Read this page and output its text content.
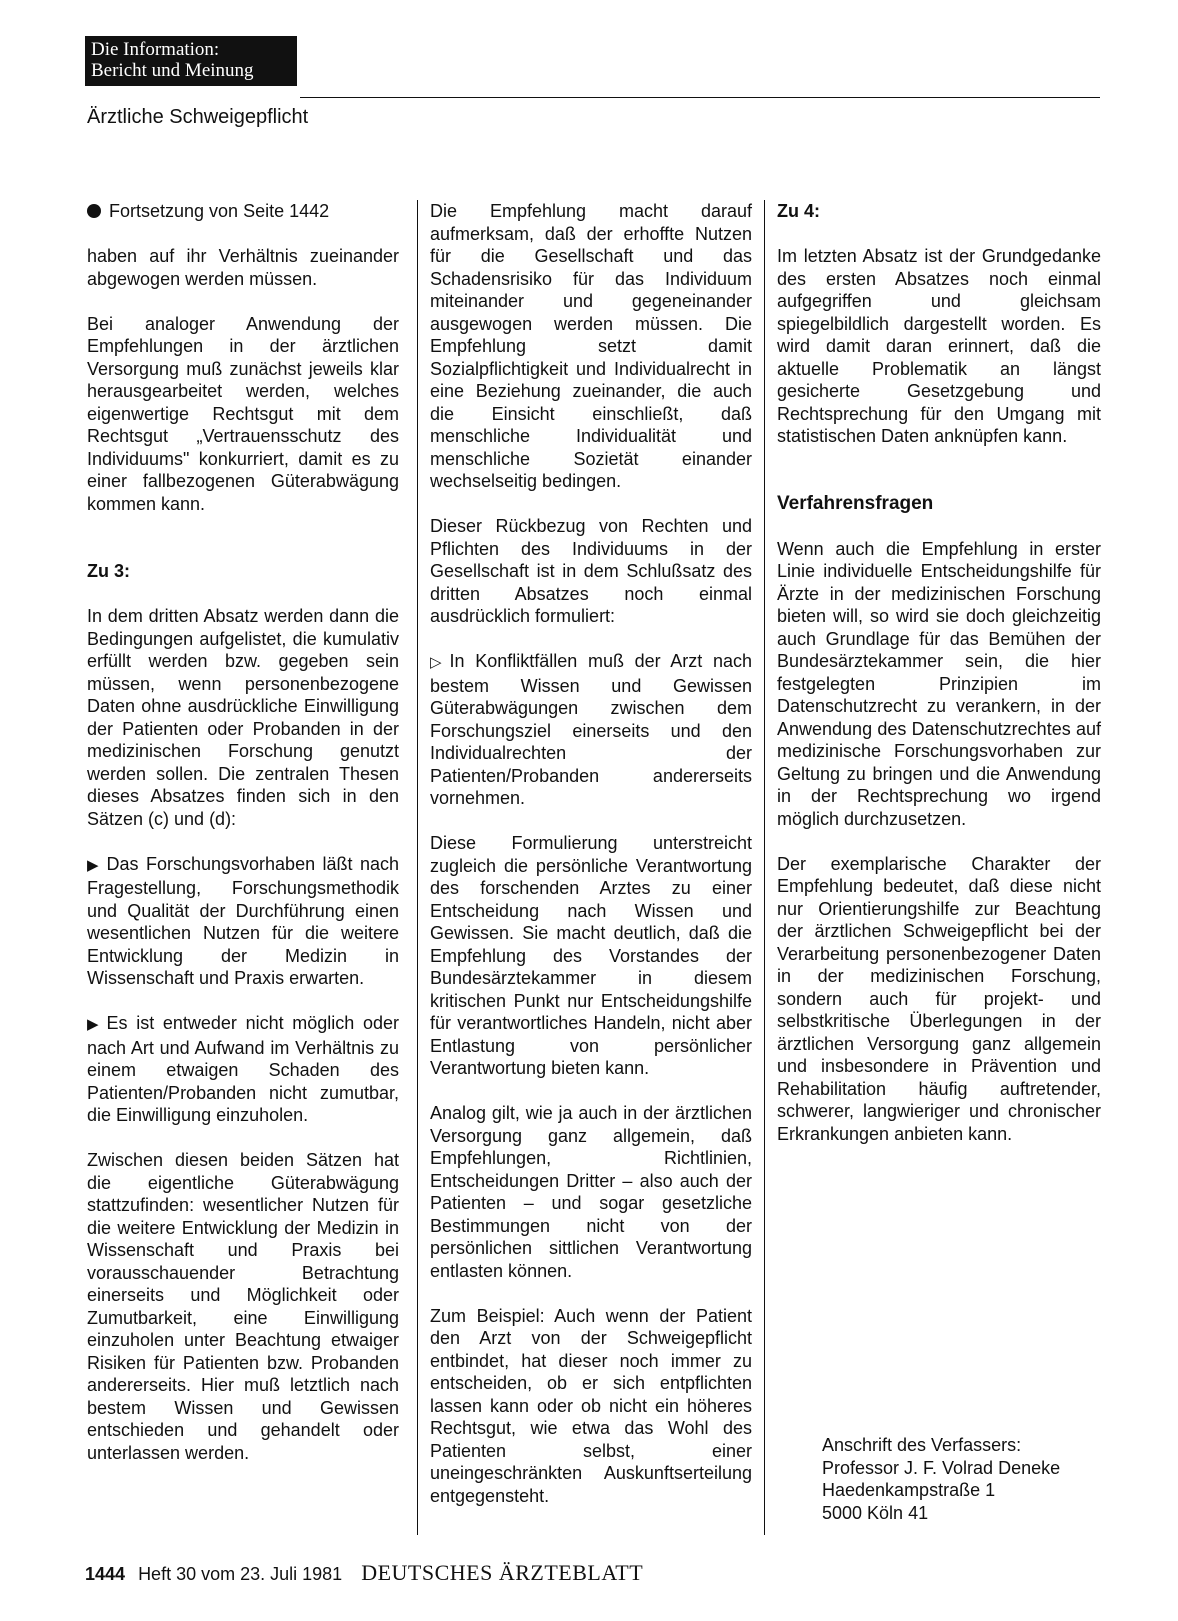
Die Information:
Bericht und Meinung
Ärztliche Schweigepflicht

Fortsetzung von Seite 1442

haben auf ihr Verhältnis zueinander abgewogen werden müssen.

Bei analoger Anwendung der Empfehlungen in der ärztlichen Versorgung muß zunächst jeweils klar herausgearbeitet werden, welches eigenwertige Rechtsgut mit dem Rechtsgut „Vertrauensschutz des Individuums" konkurriert, damit es zu einer fallbezogenen Güterabwägung kommen kann.

Zu 3:

In dem dritten Absatz werden dann die Bedingungen aufgelistet, die kumulativ erfüllt werden bzw. gegeben sein müssen, wenn personenbezogene Daten ohne ausdrückliche Einwilligung der Patienten oder Probanden in der medizinischen Forschung genutzt werden sollen. Die zentralen Thesen dieses Absatzes finden sich in den Sätzen (c) und (d):

▶ Das Forschungsvorhaben läßt nach Fragestellung, Forschungsmethodik und Qualität der Durchführung einen wesentlichen Nutzen für die weitere Entwicklung der Medizin in Wissenschaft und Praxis erwarten.

▶ Es ist entweder nicht möglich oder nach Art und Aufwand im Verhältnis zu einem etwaigen Schaden des Patienten/Probanden nicht zumutbar, die Einwilligung einzuholen.

Zwischen diesen beiden Sätzen hat die eigentliche Güterabwägung stattzufinden: wesentlicher Nutzen für die weitere Entwicklung der Medizin in Wissenschaft und Praxis bei vorausschauender Betrachtung einerseits und Möglichkeit oder Zumutbarkeit, eine Einwilligung einzuholen unter Beachtung etwaiger Risiken für Patienten bzw. Probanden andererseits. Hier muß letztlich nach bestem Wissen und Gewissen entschieden und gehandelt oder unterlassen werden.

Die Empfehlung macht darauf aufmerksam, daß der erhoffte Nutzen für die Gesellschaft und das Schadensrisiko für das Individuum miteinander und gegeneinander ausgewogen werden müssen. Die Empfehlung setzt damit Sozialpflichtigkeit und Individualrecht in eine Beziehung zueinander, die auch die Einsicht einschließt, daß menschliche Individualität und menschliche Sozietät einander wechselseitig bedingen.

Dieser Rückbezug von Rechten und Pflichten des Individuums in der Gesellschaft ist in dem Schlußsatz des dritten Absatzes noch einmal ausdrücklich formuliert:

▷ In Konfliktfällen muß der Arzt nach bestem Wissen und Gewissen Güterabwägungen zwischen dem Forschungsziel einerseits und den Individualrechten der Patienten/Probanden andererseits vornehmen.

Diese Formulierung unterstreicht zugleich die persönliche Verantwortung des forschenden Arztes zu einer Entscheidung nach Wissen und Gewissen. Sie macht deutlich, daß die Empfehlung des Vorstandes der Bundesärztekammer in diesem kritischen Punkt nur Entscheidungshilfe für verantwortliches Handeln, nicht aber Entlastung von persönlicher Verantwortung bieten kann.

Analog gilt, wie ja auch in der ärztlichen Versorgung ganz allgemein, daß Empfehlungen, Richtlinien, Entscheidungen Dritter – also auch der Patienten – und sogar gesetzliche Bestimmungen nicht von der persönlichen sittlichen Verantwortung entlasten können.

Zum Beispiel: Auch wenn der Patient den Arzt von der Schweigepflicht entbindet, hat dieser noch immer zu entscheiden, ob er sich entpflichten lassen kann oder ob nicht ein höheres Rechtsgut, wie etwa das Wohl des Patienten selbst, einer uneingeschränkten Auskunftserteilung entgegensteht.

Zu 4:

Im letzten Absatz ist der Grundgedanke des ersten Absatzes noch einmal aufgegriffen und gleichsam spiegelbildlich dargestellt worden. Es wird damit daran erinnert, daß die aktuelle Problematik an längst gesicherte Gesetzgebung und Rechtsprechung für den Umgang mit statistischen Daten anknüpfen kann.

Verfahrensfragen

Wenn auch die Empfehlung in erster Linie individuelle Entscheidungshilfe für Ärzte in der medizinischen Forschung bieten will, so wird sie doch gleichzeitig auch Grundlage für das Bemühen der Bundesärztekammer sein, die hier festgelegten Prinzipien im Datenschutzrecht zu verankern, in der Anwendung des Datenschutzrechtes auf medizinische Forschungsvorhaben zur Geltung zu bringen und die Anwendung in der Rechtsprechung wo irgend möglich durchzusetzen.

Der exemplarische Charakter der Empfehlung bedeutet, daß diese nicht nur Orientierungshilfe zur Beachtung der ärztlichen Schweigepflicht bei der Verarbeitung personenbezogener Daten in der medizinischen Forschung, sondern auch für projekt- und selbstkritische Überlegungen in der ärztlichen Versorgung ganz allgemein und insbesondere in Prävention und Rehabilitation häufig auftretender, schwerer, langwieriger und chronischer Erkrankungen anbieten kann.

Anschrift des Verfassers:
Professor J. F. Volrad Deneke
Haedenkampstraße 1
5000 Köln 41
1444 Heft 30 vom 23. Juli 1981 DEUTSCHES ÄRZTEBLATT
